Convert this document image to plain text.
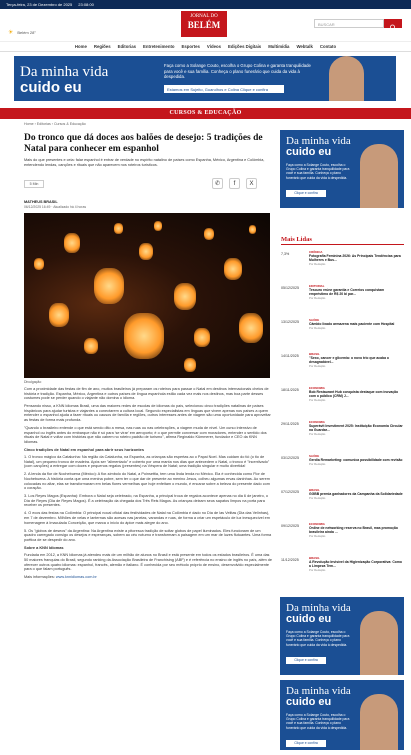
Terça-feira, 23 de Dezembro de 2025 23:08:00
☀ Belém 28°
JORNAL DO
BELÉM	BUSCAR
Home Regiões Editorias Entretenimento Esportes Vídeos Edições Digitais Multimídia Webtalk Contato
Da minha vida
cuido eu
Faça como a Solange Couto, escolha o Grupo Colina e garanta tranquilidade para você e sua família. Conheça o plano funerário que cuida da vida à despedida.
Estamos em Sujeito, Guarulhos e Colina Clique e confira
CURSOS & EDUCAÇÃO
Home › Editorias › Cursos & Educação
Do tronco que dá doces aos balões de desejo: 5 tradições de Natal para conhecer em espanhol
Mais do que presentes e ceia: falar espanhol é entrar de verdade no espírito natalino de países como Espanha, México, Argentina e Colômbia, entendendo lendas, canções e rituais que não aparecem nos roteiros turísticos.
5 Min	✆	f	X
MATHEUS BRASIL
06/12/2025 16:49 · Atualizado há 4 horas
Divulgação

Com a proximidade das festas de fim de ano, muitos brasileiros já preparam os roteiros para passar o Natal em destinos internacionais cheios de história e tradição. Espanha, México, Argentina e outros países de língua espanhola estão cada vez mais nos destinos, mas boa parte desses costumes pode se perder quando o viajante não domina o idioma.

Pensando nisso, a KNN Idiomas Brasil, uma das maiores redes de escolas de idiomas do país, selecionou cinco tradições natalinas de países hispânicos para ajudar turistas e viajantes a conectarem a cultura local. Segundo especialistas em línguas que vivem apenas nos países a quem entender o espanhol ajuda a fazer rituais ou causos de família e regiões, outros interesses antes de viagem são uma oportunidade para aproveitar as festas de forma mais profunda.

"Quando o brasileiro entende o que está sendo dito a mesa, nas ruas ou nas celebrações, a viagem muda de nível. Um curso intensivo de espanhol ou inglês antes do embarque não é só para 'se virar' em aeroporto; é o que permite conversar com moradores, entender o sentido dos rituais de Natal e voltar com histórias que não cabem no roteiro padrão de turismo", afirma Reginaldo Kümmerer, fundador e CEO da KNN Idiomas.

Cinco tradições de Natal em espanhol para abrir seus horizontes

1. O tronco mágico da Catalunha: Na região da Catalunha, na Espanha, as crianças são espertas ao o Papai Noel. Mas cuidam do tió (o tio de Natal), um pequeno tronco de madeira. Após ser "alimentado" e coberto por uma manta nos dias que antecedem o Natal, o tronco é "incentivado" (com canções) a entregar com doces e pequenos regalos (presentes) na Véspera de Natal; uma tradição singular e muito divertida!

2. A lenda da flor de Nochebuena (México): A flor-símbolo do Natal, a Poinsettia, tem uma linda lenda no México. Ela é conhecida como Flor de Nochebuena. A história conta que uma menina pobre, sem ter o que dar de presente ao menino Jesus, colheu algumas ervas daninhas. Ao serem colocadas no altar, elas se transformaram em belas flores vermelhas que hoje enfeitam o mundo, é encarar sobre a beleza do presente dado com o coração.

3. Los Reyes Magos (Espanha): Embora o Natal seja celebrado, na Espanha, a principal troca de regalos acontece apenas no dia 6 de janeiro, o Día de Reyes (Dia de Reyes Magos). É a celebração da chegada dos Três Reis Magos. As crianças deixam seus sapatos limpos na porta para receber os presentes.

4. O ecos das festas na Colômbia: O principal nocal oficial das festividades de Natal na Colômbia é dado no Día de las Velitas (Dia das Velinhas), em 7 de dezembro. Milhões de velas e lanternas são acesas nas janelas, varandas e ruas, de forma a criar um espetáculo de luz inesquecível em homenagem à Imaculada Conceição, que marca o início do ápice mais alegre do ano.

5. Os "globos de deseos" da Argentina: Na Argentina existe a pitoresca tradição de soltar globos de papel iluminados. Eles funcionam de um quadro carregado consigo os desejos e esperanças, sobem ao céu noturno e transformam a paisagem em um mar de luzes flutuantes. Uma forma poética de se despedir do ano.

Sobre a KNN Idiomas

Fundada em 2012, a KNN Idiomas já atendeu mais de um milhão de alunos no Brasil e está presente em todos os estados brasileiros. É uma das 50 maiores franquias do Brasil, segundo ranking da Associação Brasileira de Franchising (ABF) e é referência no ensino de inglês no país, além de oferecer outros quatro idiomas: espanhol, francês, alemão e italiano. É conhecida por seu método próprio de ensino, desenvolvido especialmente para o que falam português.

Mais informações: www.knnidiomas.com.br

Da minha vida
cuido eu
Faça como a Solange Couto, escolha o Grupo Colina e garanta tranquilidade para você e sua família. Conheça o plano funerário que cuida da vida à despedida.
Clique e confira
Mais Lidas
7,3%	CRÔNICA
Fotografia Feminina 2026: As Principais Tendências para Mulheres e Bus...
Por Redação
05/12/2025	EDITORIAL
Tesouro reúne garantia e Correios conquistam empréstimo de R$ 20 bi par...
Por Redação
13/12/2025	SAÚDE
Câmbio lixado armazena mais paciente com Hospital
Por Redação
14/11/2025	BRASIL
"Sexo, cancer e glicemia: o novo trio que acaba o desagradável...
Por Redação
18/11/2025	ECONOMIA
Bob Restaurant Hub conquista destaque com inovação com o público (CRM) J...
Por Redação
29/11/2025	ECONOMIA
Superávit Investiment 2025: Instituição Economia Circular na Guardar...
Por Redação
03/12/2025	SAÚDE
Gerdia Remarketing: comunica possibilidade com revisão
Por Redação
07/12/2025	BRASIL
GGBB premia ganhadores da Campanha da Solidariedade
Por Redação
09/12/2025	ECONOMIA
Online de networking reserva no Brasil, mas promoção brasileira ainda ...
Por Redação
11/12/2025	BRASIL
A Revolução Invisível da Higienização Corporativa: Como a Limpeza Tem...
Por Redação
Da minha vida
cuido eu
Faça como a Solange Couto, escolha o Grupo Colina e garanta tranquilidade para você e sua família. Conheça o plano funerário que cuida da vida à despedida.
Clique e confira
Da minha vida
cuido eu
Faça como a Solange Couto, escolha o Grupo Colina e garanta tranquilidade para você e sua família. Conheça o plano funerário que cuida da vida à despedida.
Clique e confira
